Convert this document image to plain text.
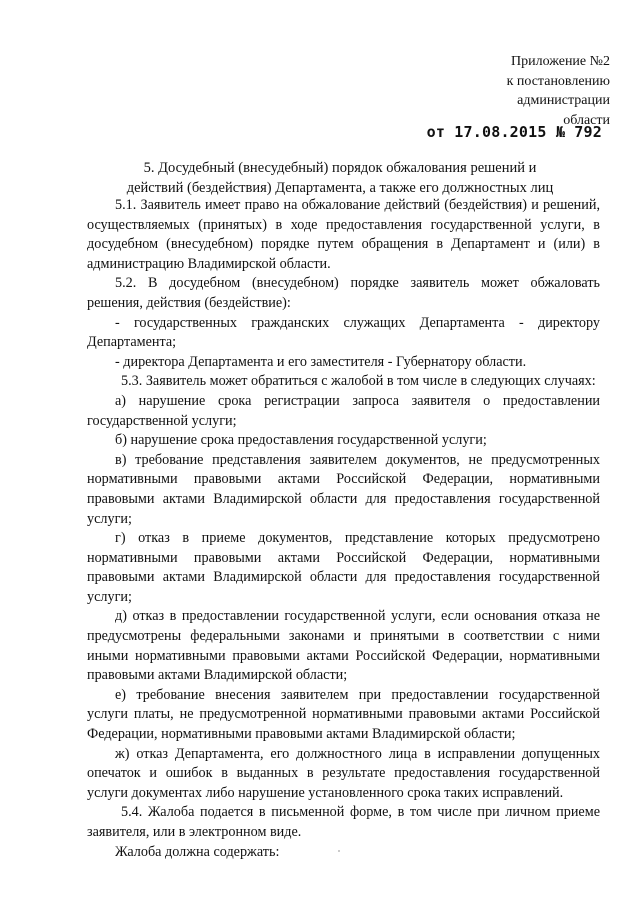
Приложение №2
к постановлению
администрации
области
от 17.08.2015 № 792
5. Досудебный (внесудебный) порядок обжалования решений и
действий (бездействия) Департамента, а также его должностных лиц

5.1. Заявитель имеет право на обжалование действий (бездействия) и решений, осуществляемых (принятых) в ходе предоставления государственной услуги, в досудебном (внесудебном) порядке путем обращения в Департамент и (или) в администрацию Владимирской области.

5.2. В досудебном (внесудебном) порядке заявитель может обжаловать решения, действия (бездействие):

- государственных гражданских служащих Департамента - директору Департамента;

- директора Департамента и его заместителя - Губернатору области.

5.3. Заявитель может обратиться с жалобой в том числе в следующих случаях:

а) нарушение срока регистрации запроса заявителя о предоставлении государственной услуги;

б) нарушение срока предоставления государственной услуги;

в) требование представления заявителем документов, не предусмотренных нормативными правовыми актами Российской Федерации, нормативными правовыми актами Владимирской области для предоставления государственной услуги;

г) отказ в приеме документов, представление которых предусмотрено нормативными правовыми актами Российской Федерации, нормативными правовыми актами Владимирской области для предоставления государственной услуги;

д) отказ в предоставлении государственной услуги, если основания отказа не предусмотрены федеральными законами и принятыми в соответствии с ними иными нормативными правовыми актами Российской Федерации, нормативными правовыми актами Владимирской области;

е) требование внесения заявителем при предоставлении государственной услуги платы, не предусмотренной нормативными правовыми актами Российской Федерации, нормативными правовыми актами Владимирской области;

ж) отказ Департамента, его должностного лица в исправлении допущенных опечаток и ошибок в выданных в результате предоставления государственной услуги документах либо нарушение установленного срока таких исправлений.

5.4. Жалоба подается в письменной форме, в том числе при личном приеме заявителя, или в электронном виде.

Жалоба должна содержать:
